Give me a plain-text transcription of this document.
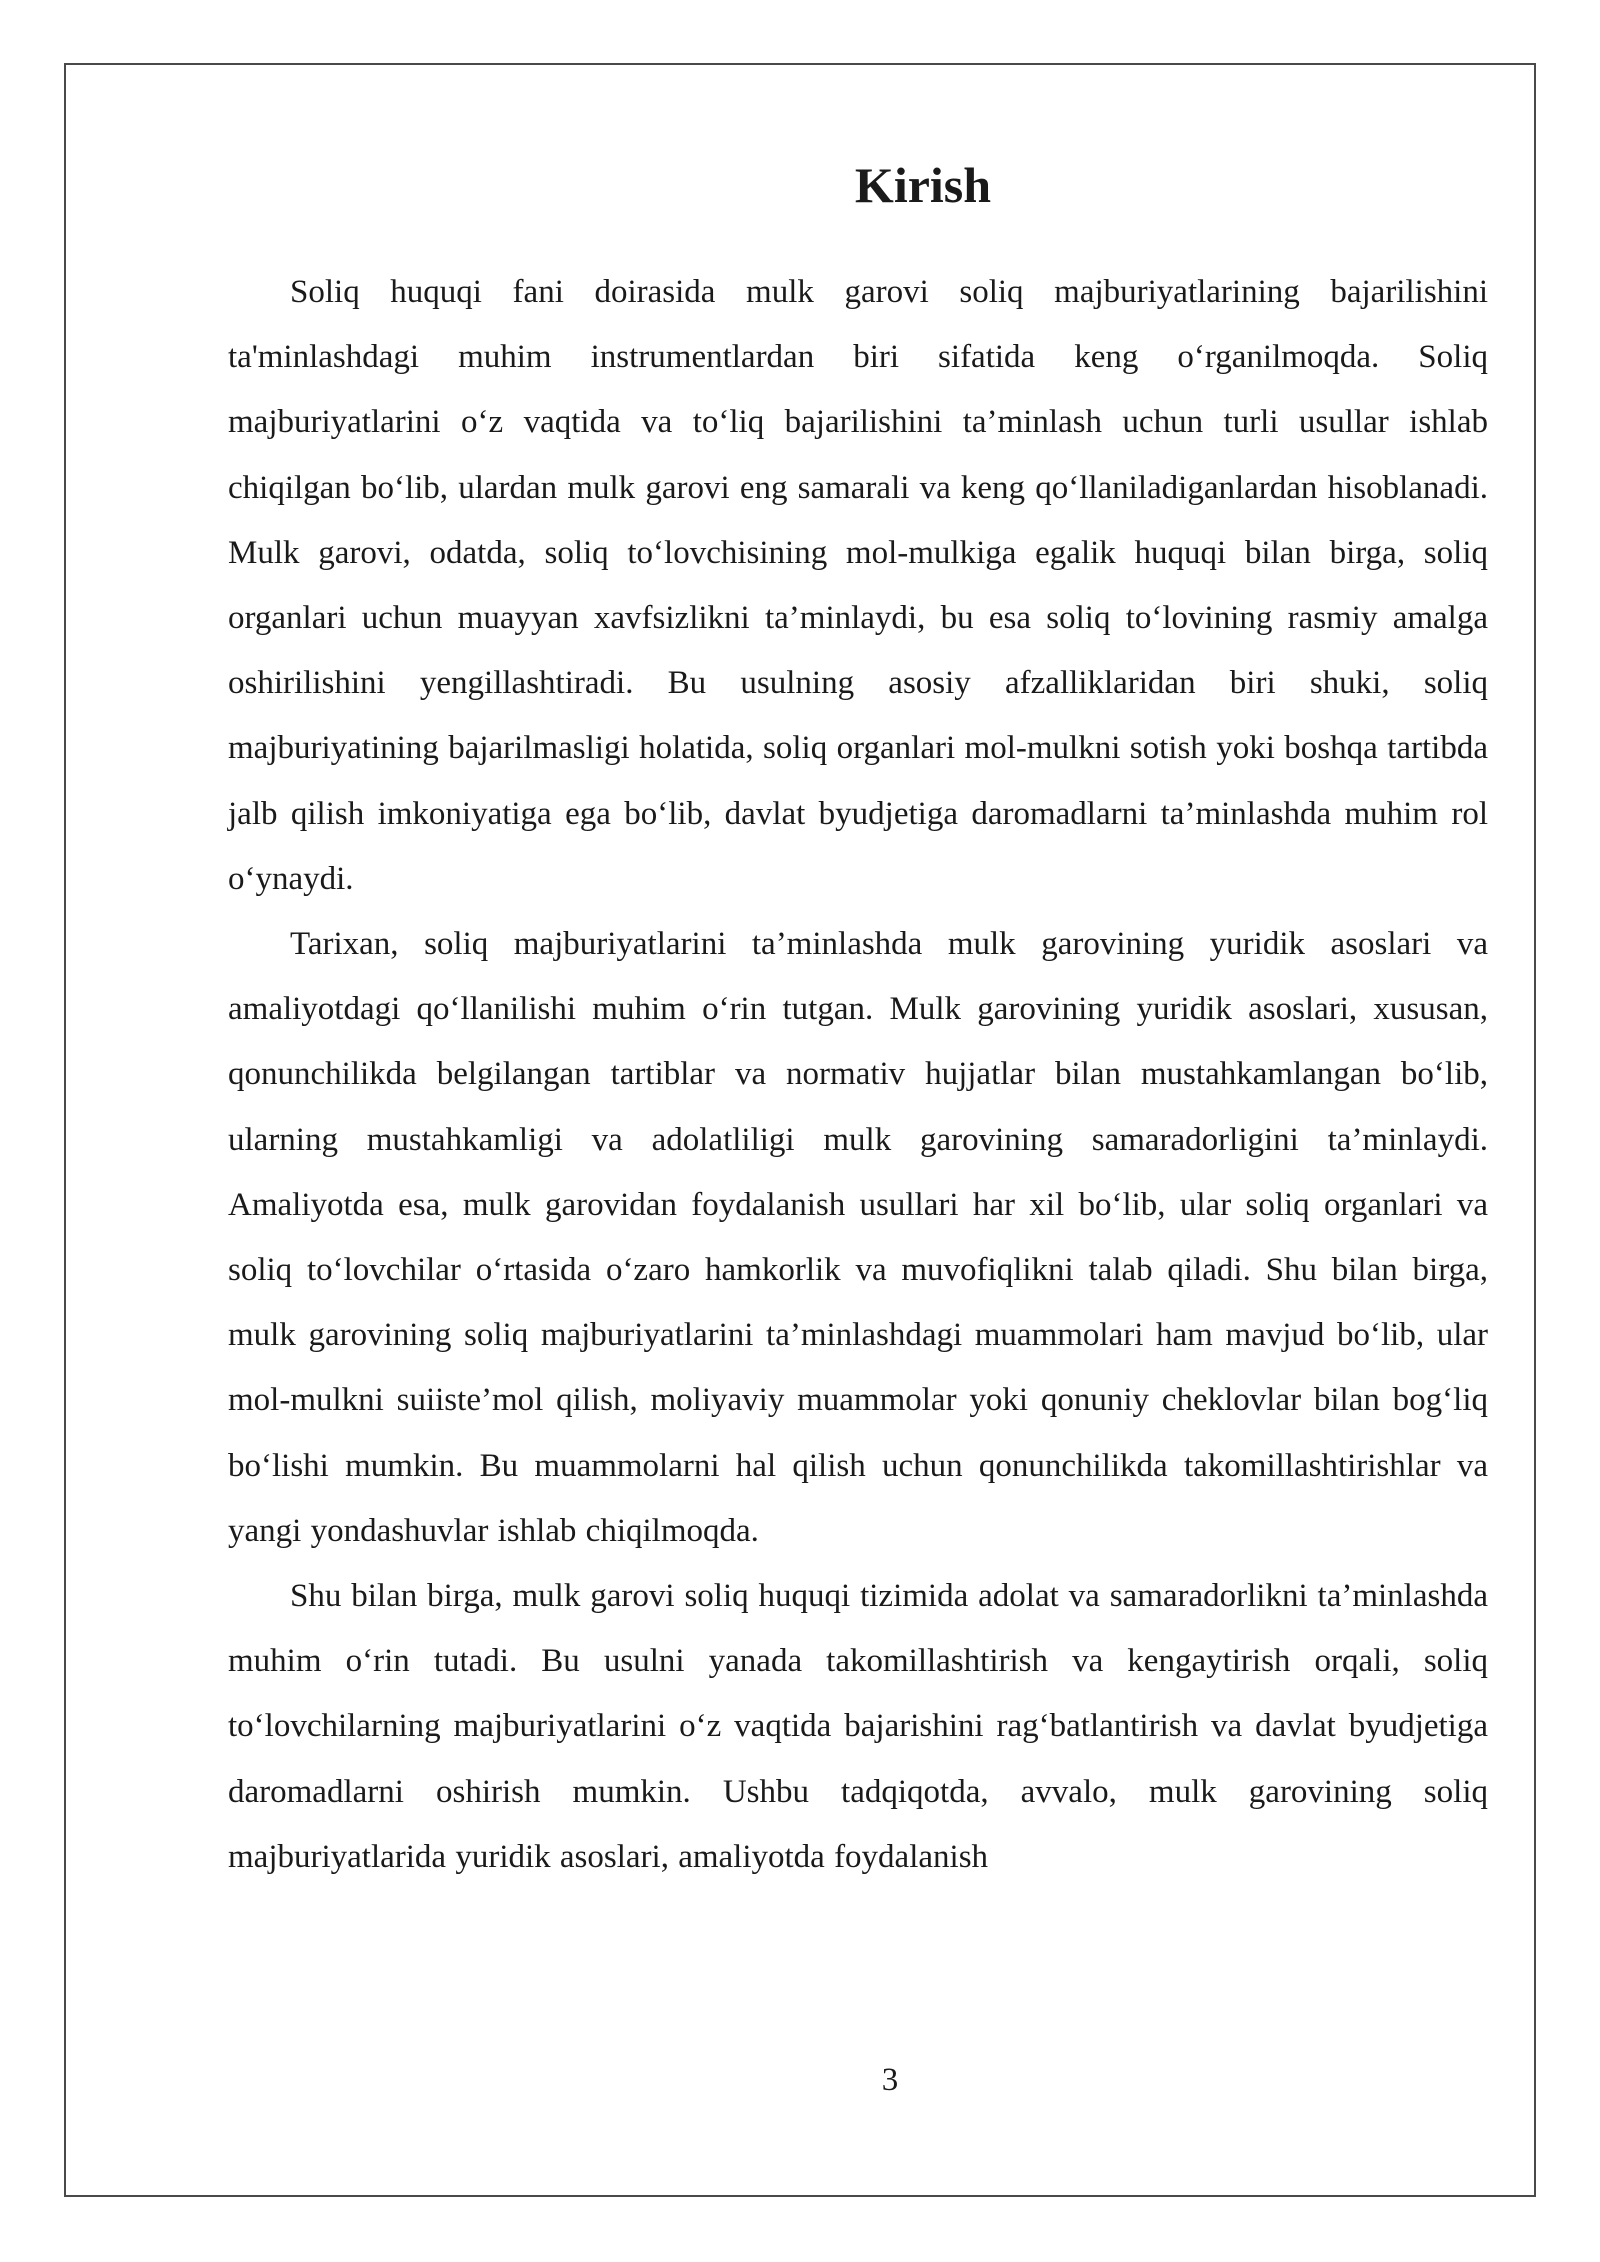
Kirish

Soliq huquqi fani doirasida mulk garovi soliq majburiyatlarining bajarilishini ta'minlashdagi muhim instrumentlardan biri sifatida keng o‘rganilmoqda. Soliq majburiyatlarini o‘z vaqtida va to‘liq bajarilishini ta’minlash uchun turli usullar ishlab chiqilgan bo‘lib, ulardan mulk garovi eng samarali va keng qo‘llaniladiganlardan hisoblanadi. Mulk garovi, odatda, soliq to‘lovchisining mol-mulkiga egalik huquqi bilan birga, soliq organlari uchun muayyan xavfsizlikni ta’minlaydi, bu esa soliq to‘lovining rasmiy amalga oshirilishini yengillashtiradi. Bu usulning asosiy afzalliklaridan biri shuki, soliq majburiyatining bajarilmasligi holatida, soliq organlari mol-mulkni sotish yoki boshqa tartibda jalb qilish imkoniyatiga ega bo‘lib, davlat byudjetiga daromadlarni ta’minlashda muhim rol o‘ynaydi.

Tarixan, soliq majburiyatlarini ta’minlashda mulk garovining yuridik asoslari va amaliyotdagi qo‘llanilishi muhim o‘rin tutgan. Mulk garovining yuridik asoslari, xususan, qonunchilikda belgilangan tartiblar va normativ hujjatlar bilan mustahkamlangan bo‘lib, ularning mustahkamligi va adolatliligi mulk garovining samaradorligini ta’minlaydi. Amaliyotda esa, mulk garovidan foydalanish usullari har xil bo‘lib, ular soliq organlari va soliq to‘lovchilar o‘rtasida o‘zaro hamkorlik va muvofiqlikni talab qiladi. Shu bilan birga, mulk garovining soliq majburiyatlarini ta’minlashdagi muammolari ham mavjud bo‘lib, ular mol-mulkni suiiste’mol qilish, moliyaviy muammolar yoki qonuniy cheklovlar bilan bog‘liq bo‘lishi mumkin. Bu muammolarni hal qilish uchun qonunchilikda takomillashtirishlar va yangi yondashuvlar ishlab chiqilmoqda.

Shu bilan birga, mulk garovi soliq huquqi tizimida adolat va samaradorlikni ta’minlashda muhim o‘rin tutadi. Bu usulni yanada takomillashtirish va kengaytirish orqali, soliq to‘lovchilarning majburiyatlarini o‘z vaqtida bajarishini rag‘batlantirish va davlat byudjetiga daromadlarni oshirish mumkin. Ushbu tadqiqotda, avvalo, mulk garovining soliq majburiyatlarida yuridik asoslari, amaliyotda foydalanish

3
